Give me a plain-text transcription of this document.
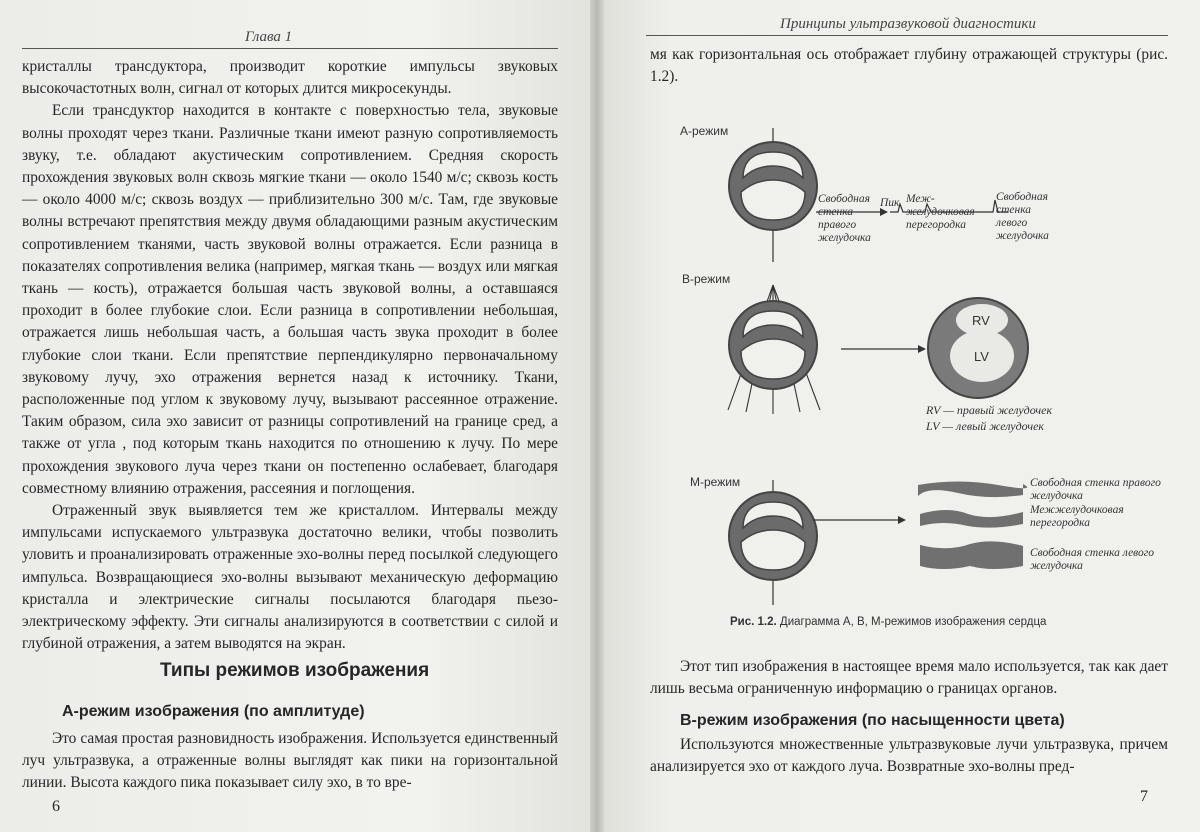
Глава 1

кристаллы трансдуктора, производит короткие импульсы звуковых высокочастотных волн, сигнал от которых длится микросекунды.

Если трансдуктор находится в контакте с поверхностью тела, звуковые волны проходят через ткани. Различные ткани имеют разную сопротивляемость звуку, т.е. обладают акустическим сопротивлением. Средняя скорость прохождения звуковых волн сквозь мягкие ткани — около 1540 м/с; сквозь кость — около 4000 м/с; сквозь воздух — приблизительно 300 м/с. Там, где звуковые волны встречают препятствия между двумя обладающими разным акустическим сопротивлением тканями, часть звуковой волны отражается. Если разница в показателях сопротивления велика (например, мягкая ткань — воздух или мягкая ткань — кость), отражается большая часть звуковой волны, а оставшаяся проходит в более глубокие слои. Если разница в сопротивлении небольшая, отражается лишь небольшая часть, а большая часть звука проходит в более глубокие слои ткани. Если препятствие перпендикулярно первоначальному звуковому лучу, эхо отражения вернется назад к источнику. Ткани, расположенные под углом к звуковому лучу, вызывают рассеянное отражение. Таким образом, сила эхо зависит от разницы сопротивлений на границе сред, а также от угла , под которым ткань находится по отношению к лучу. По мере прохождения звукового луча через ткани он постепенно ослабевает, благодаря совместному влиянию отражения, рассеяния и поглощения.

Отраженный звук выявляется тем же кристаллом. Интервалы между импульсами испускаемого ультразвука достаточно велики, чтобы позволить уловить и проанализировать отраженные эхо-волны перед посылкой следующего импульса. Возвращающиеся эхо-волны вызывают механическую деформацию кристалла и электрические сигналы посылаются благодаря пьезо-электрическому эффекту. Эти сигналы анализируются в соответствии с силой и глубиной отражения, а затем выводятся на экран.

Типы режимов изображения
А-режим изображения (по амплитуде)

Это самая простая разновидность изображения. Используется единственный луч ультразвука, а отраженные волны выглядят как пики на горизонтальной линии. Высота каждого пика показывает силу эхо, в то вре-

6
Принципы ультразвуковой диагностики

мя как горизонтальная ось отображает глубину отражающей структуры (рис. 1.2).

А-режим
Пик
Свободная стенка правого желудочка
Меж-желудочковая перегородка
Свободная стенка левого желудочка
В-режим
RV
LV
RV — правый желудочек
LV — левый желудочек
М-режим	Свободная стенка правого желудочка
Межжелудочковая перегородка
Свободная стенка левого желудочка
Рис. 1.2. Диаграмма А, В, М-режимов изображения сердца

Этот тип изображения в настоящее время мало используется, так как дает лишь весьма ограниченную информацию о границах органов.

В-режим изображения (по насыщенности цвета)

Используются множественные ультразвуковые лучи ультразвука, причем анализируется эхо от каждого луча. Возвратные эхо-волны пред-

7
